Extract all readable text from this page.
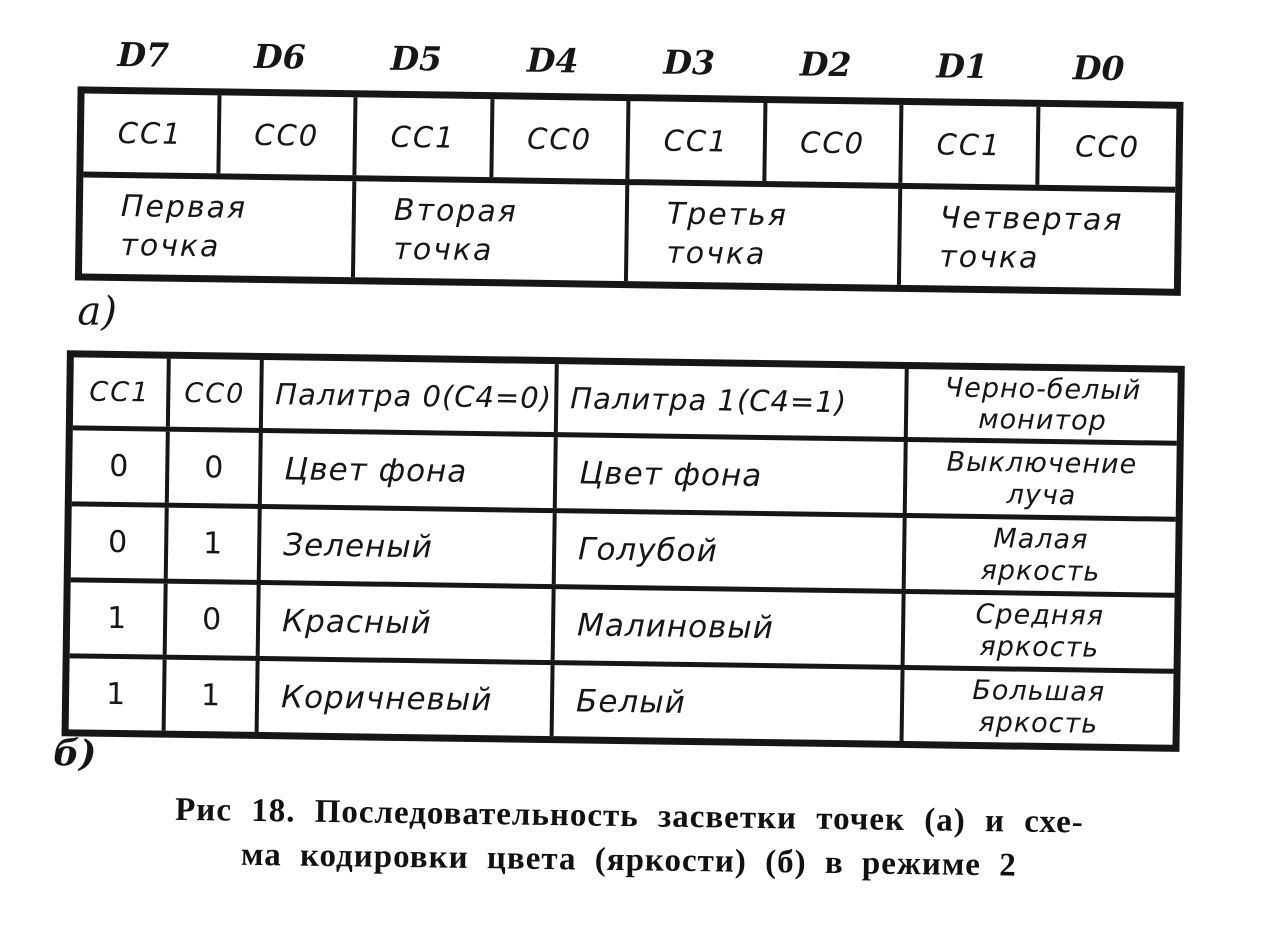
D7	D6	D5	D4	D3	D2	D1	D0
CC1	CC0	CC1	CC0	CC1	CC0	CC1	CC0
Первая
точка
Вторая
точка
Третья
точка
Четвертая
точка
а)
CC1	CC0	Палитра 0(C4=0) Палитра 1(C4=1)	Черно-белый
монитор
0	0	Цвет фона	Цвет фона	Выключение
луча
0	1	Зеленый	Голубой	Малая
яркость
1	0	Красный	Малиновый	Средняя
яркость
1	1	Коричневый	Белый	Большая
яркость
б)
Рис 18. Последовательность засветки точек (а) и схе-
ма кодировки цвета (яркости) (б) в режиме 2
